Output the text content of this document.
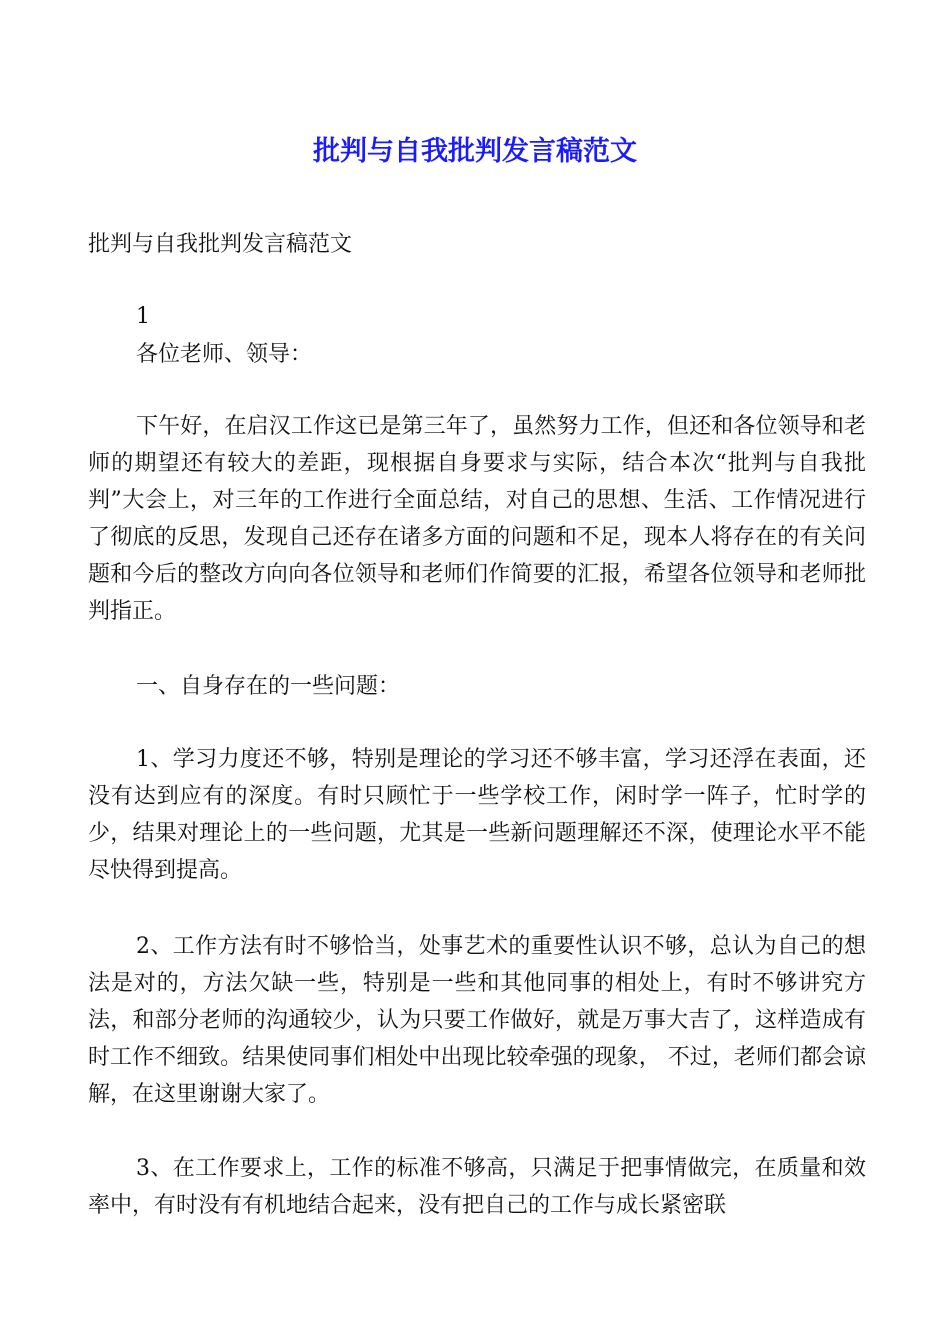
批判与自我批判发言稿范文

批判与自我批判发言稿范文

1

各位老师、领导：

下午好，在启汉工作这已是第三年了，虽然努力工作，但还和各位领导和老师的期望还有较大的差距，现根据自身要求与实际，结合本次“批判与自我批判”大会上，对三年的工作进行全面总结，对自己的思想、生活、工作情况进行了彻底的反思，发现自己还存在诸多方面的问题和不足，现本人将存在的有关问题和今后的整改方向向各位领导和老师们作简要的汇报，希望各位领导和老师批判指正。

一、自身存在的一些问题：

1、学习力度还不够，特别是理论的学习还不够丰富，学习还浮在表面，还没有达到应有的深度。有时只顾忙于一些学校工作，闲时学一阵子，忙时学的少，结果对理论上的一些问题，尤其是一些新问题理解还不深，使理论水平不能尽快得到提高。

2、工作方法有时不够恰当，处事艺术的重要性认识不够，总认为自己的想法是对的，方法欠缺一些，特别是一些和其他同事的相处上，有时不够讲究方法，和部分老师的沟通较少，认为只要工作做好，就是万事大吉了，这样造成有时工作不细致。结果使同事们相处中出现比较牵强的现象， 不过，老师们都会谅解，在这里谢谢大家了。

3、在工作要求上，工作的标准不够高，只满足于把事情做完，在质量和效率中，有时没有有机地结合起来，没有把自己的工作与成长紧密联
